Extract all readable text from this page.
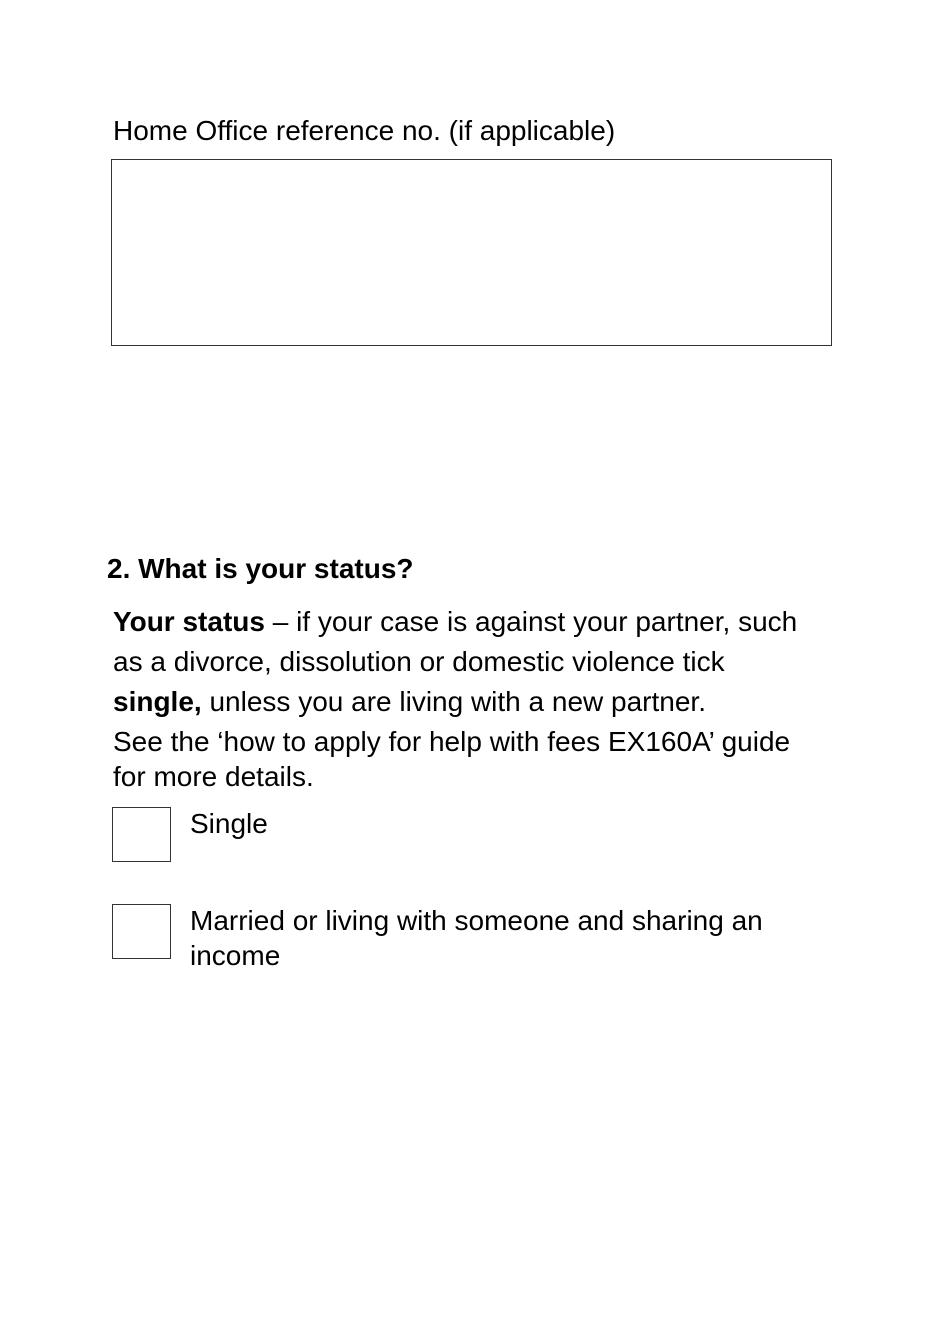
Home Office reference no. (if applicable)
2. What is your status?
Your status – if your case is against your partner, such
as a divorce, dissolution or domestic violence tick
single, unless you are living with a new partner.
See the ‘how to apply for help with fees EX160A’ guide
for more details.
Single
Married or living with someone and sharing an
income
